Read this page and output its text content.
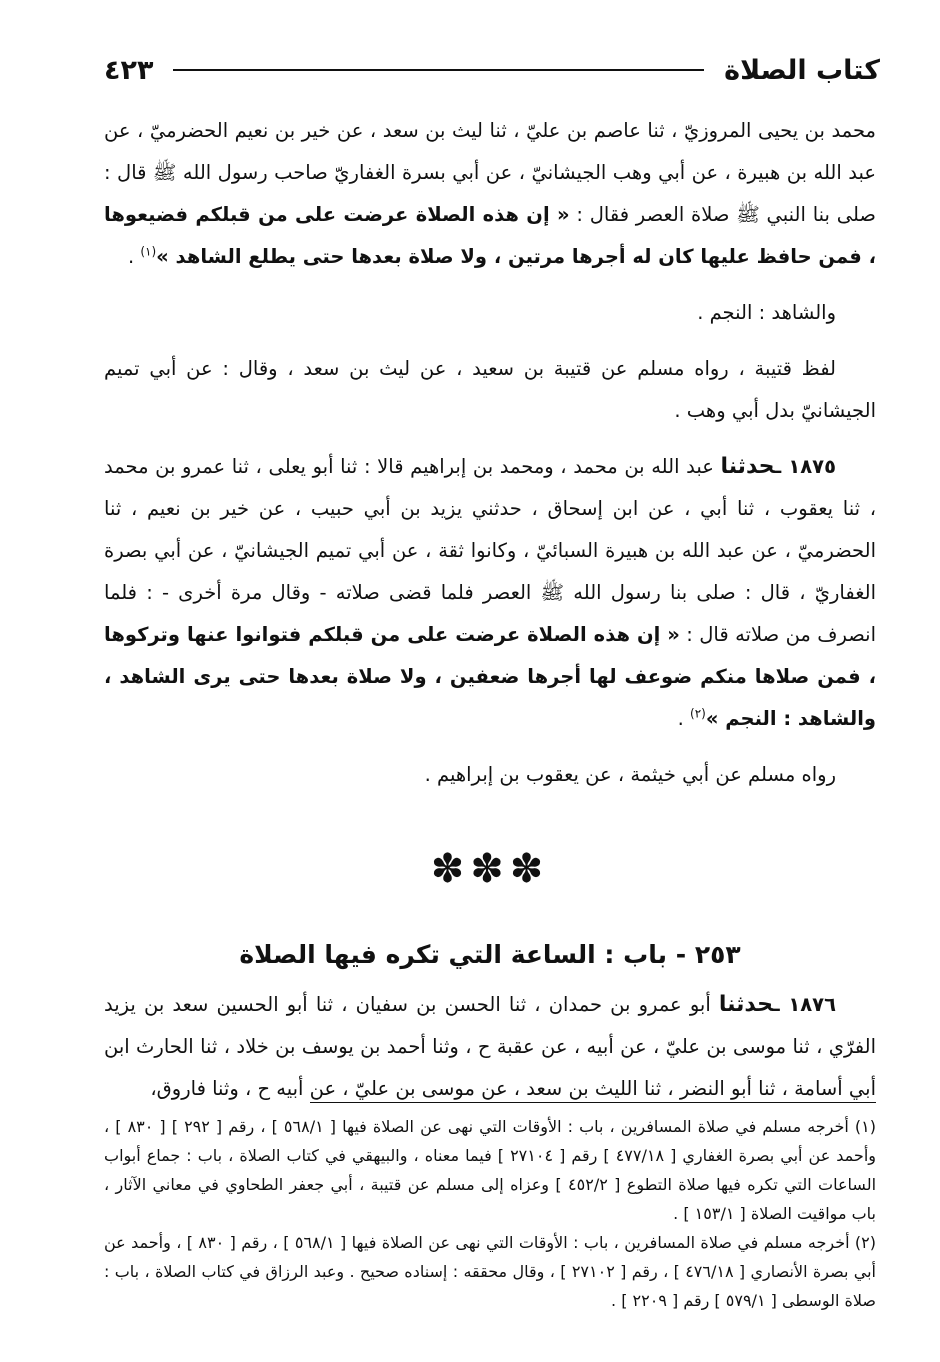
كتاب الصلاة
٤٢٣

محمد بن يحيى المروزيّ ، ثنا عاصم بن عليّ ، ثنا ليث بن سعد ، عن خير بن نعيم الحضرميّ ، عن عبد الله بن هبيرة ، عن أبي وهب الجيشانيّ ، عن أبي بسرة الغفاريّ صاحب رسول الله ﷺ قال : صلى بنا النبي ﷺ صلاة العصر فقال : « إن هذه الصلاة عرضت على من قبلكم فضيعوها ، فمن حافظ عليها كان له أجرها مرتين ، ولا صلاة بعدها حتى يطلع الشاهد »$^{(١)}$ .

والشاهد : النجم .

لفظ قتيبة ، رواه مسلم عن قتيبة بن سعيد ، عن ليث بن سعد ، وقال : عن أبي تميم الجيشانيّ بدل أبي وهب .

١٨٧٥ ـحدثنا عبد الله بن محمد ، ومحمد بن إبراهيم قالا : ثنا أبو يعلى ، ثنا عمرو بن محمد ، ثنا يعقوب ، ثنا أبي ، عن ابن إسحاق ، حدثني يزيد بن أبي حبيب ، عن خير بن نعيم ، ثنا الحضرميّ ، عن عبد الله بن هبيرة السبائيّ ، وكانوا ثقة ، عن أبي تميم الجيشانيّ ، عن أبي بصرة الغفاريّ ، قال : صلى بنا رسول الله ﷺ العصر فلما قضى صلاته - وقال مرة أخرى - : فلما انصرف من صلاته قال : « إن هذه الصلاة عرضت على من قبلكم فتوانوا عنها وتركوها ، فمن صلاها منكم ضوعف لها أجرها ضعفين ، ولا صلاة بعدها حتى يرى الشاهد ، والشاهد : النجم »$^{(٢)}$ .

رواه مسلم عن أبي خيثمة ، عن يعقوب بن إبراهيم .

✽✽✽
٢٥٣ - باب : الساعة التي تكره فيها الصلاة

١٨٧٦ ـحدثنا أبو عمرو بن حمدان ، ثنا الحسن بن سفيان ، ثنا أبو الحسين سعد بن يزيد الفرّي ، ثنا موسى بن عليّ ، عن أبيه ، عن عقبة ح ، وثنا أحمد بن يوسف بن خلاد ، ثنا الحارث ابن أبي أسامة ، ثنا أبو النضر ، ثنا الليث بن سعد ، عن موسى بن عليّ ، عن أبيه ح ، وثنا فاروق،

(١) أخرجه مسلم في صلاة المسافرين ، باب : الأوقات التي نهى عن الصلاة فيها [ ٥٦٨/١ ] ، رقم [ ٢٩٢ ] [ ٨٣٠ ] ، وأحمد عن أبي بصرة الغفاري [ ٤٧٧/١٨ ] رقم [ ٢٧١٠٤ ] فيما معناه ، والبيهقي في كتاب الصلاة ، باب : جماع أبواب الساعات التي تكره فيها صلاة التطوع [ ٤٥٢/٢ ] وعزاه إلى مسلم عن قتيبة ، أبي جعفر الطحاوي في معاني الآثار ، باب مواقيت الصلاة [ ١٥٣/١ ] .

(٢) أخرجه مسلم في صلاة المسافرين ، باب : الأوقات التي نهى عن الصلاة فيها [ ٥٦٨/١ ] ، رقم [ ٨٣٠ ] ، وأحمد عن أبي بصرة الأنصاري [ ٤٧٦/١٨ ] ، رقم [ ٢٧١٠٢ ] ، وقال محققه : إسناده صحيح . وعبد الرزاق في كتاب الصلاة ، باب : صلاة الوسطى [ ٥٧٩/١ ] رقم [ ٢٢٠٩ ] .
